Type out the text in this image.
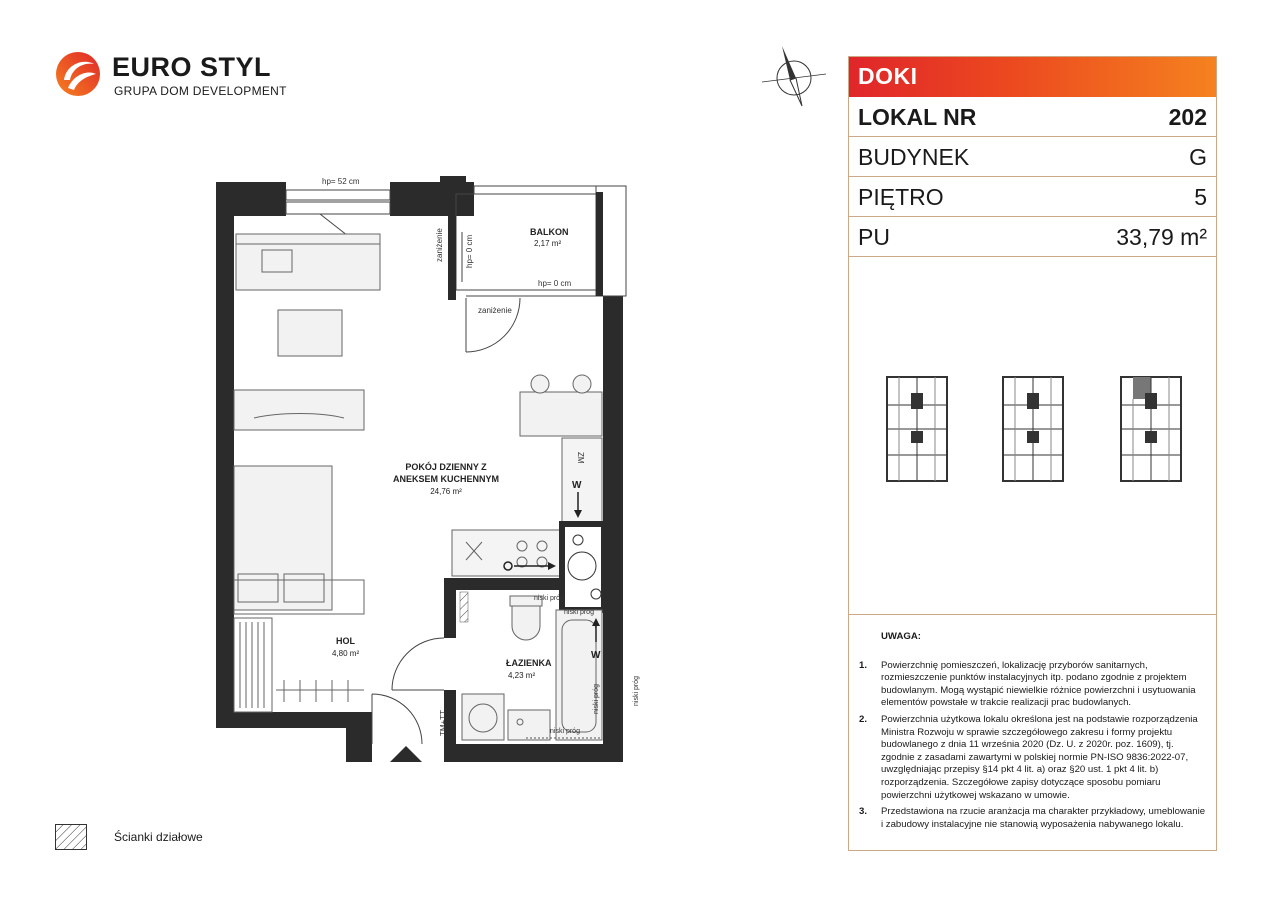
EURO STYL
GRUPA DOM DEVELOPMENT
hp= 52 cm
BALKON
2,17 m²
zaniżenie	hp= 0 cm
hp= 0 cm
zaniżenie
POKÓJ DZIENNY Z
ANEKSEM KUCHENNYM
24,76 m²
ZM
W
W
ŁAZIENKA
4,23 m²
TM+TT
niski próg
niski próg
niski próg
niski próg	niski próg
HOL
4,80 m²
Ścianki działowe
DOKI
LOKAL NR	202
BUDYNEK	G
PIĘTRO	5
PU	33,79 m²
UWAGA:
1. Powierzchnię pomieszczeń, lokalizację przyborów sanitarnych, rozmieszczenie punktów instalacyjnych itp. podano zgodnie z projektem budowlanym. Mogą wystąpić niewielkie różnice powierzchni i usytuowania elementów powstałe w trakcie realizacji prac budowlanych.
2. Powierzchnia użytkowa lokalu określona jest na podstawie rozporządzenia Ministra Rozwoju w sprawie szczegółowego zakresu i formy projektu budowlanego z dnia 11 września 2020 (Dz. U. z 2020r. poz. 1609), tj. zgodnie z zasadami zawartymi w polskiej normie PN-ISO 9836:2022-07, uwzględniając przepisy §14 pkt 4 lit. a) oraz §20 ust. 1 pkt 4 lit. b) rozporządzenia. Szczegółowe zapisy dotyczące sposobu pomiaru powierzchni użytkowej wskazano w umowie.
3. Przedstawiona na rzucie aranżacja ma charakter przykładowy, umeblowanie i zabudowy instalacyjne nie stanowią wyposażenia nabywanego lokalu.
